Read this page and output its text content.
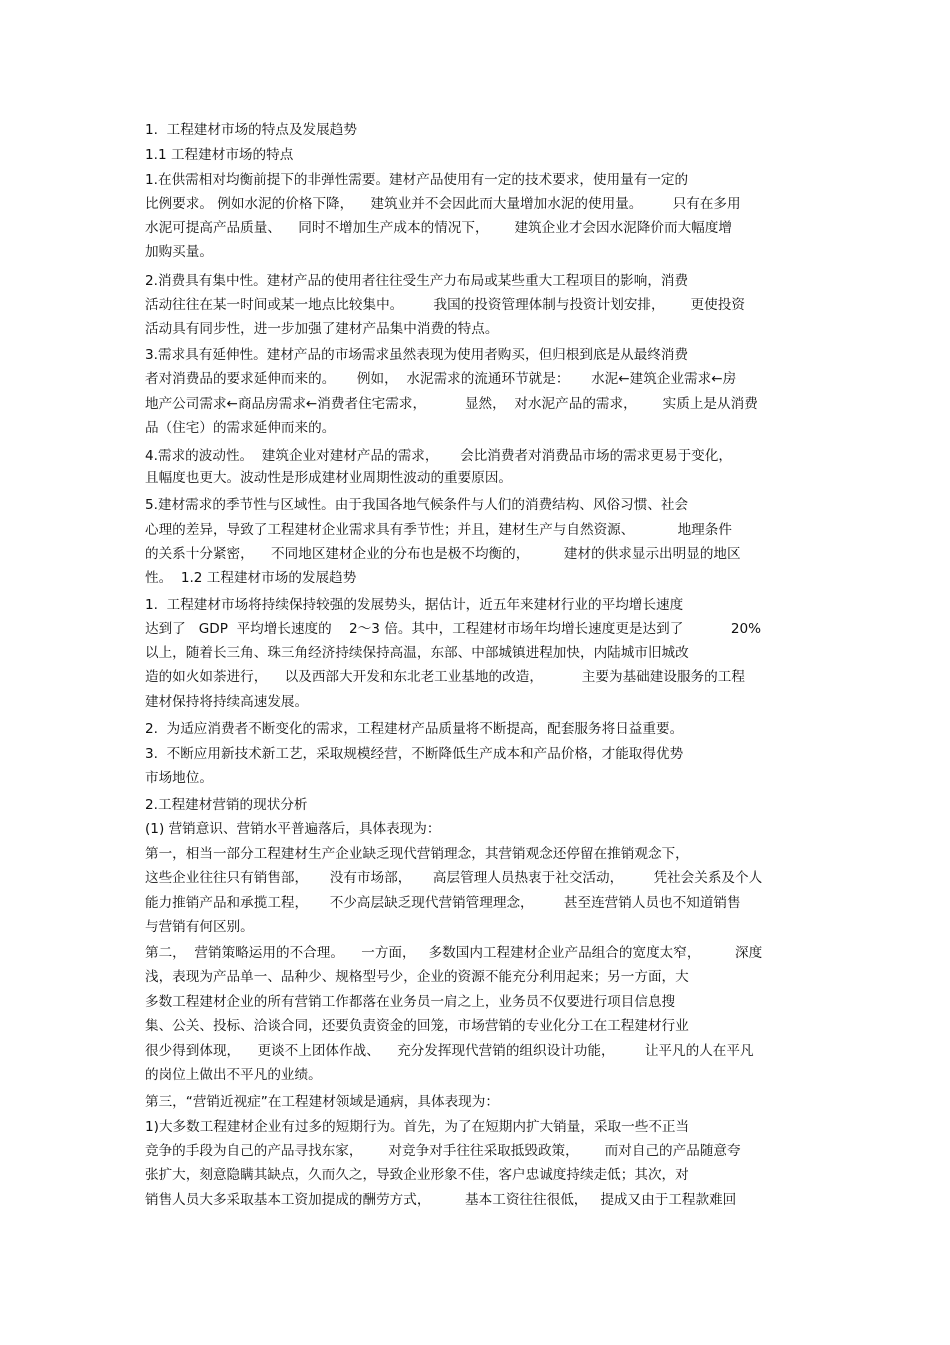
1.  工程建材市场的特点及发展趋势
1.1 工程建材市场的特点
1.在供需相对均衡前提下的非弹性需要。建材产品使用有一定的技术要求，使用量有一定的
比例要求。 例如水泥的价格下降，    建筑业并不会因此而大量增加水泥的使用量。       只有在多用
水泥可提高产品质量、    同时不增加生产成本的情况下，      建筑企业才会因水泥降价而大幅度增
加购买量。
2.消费具有集中性。建材产品的使用者往往受生产力布局或某些重大工程项目的影响，消费
活动往往在某一时间或某一地点比较集中。       我国的投资管理体制与投资计划安排，      更使投资
活动具有同步性，进一步加强了建材产品集中消费的特点。
3.需求具有延伸性。建材产品的市场需求虽然表现为使用者购买，但归根到底是从最终消费
者对消费品的要求延伸而来的。     例如，  水泥需求的流通环节就是：     水泥←建筑企业需求←房
地产公司需求←商品房需求←消费者住宅需求，         显然，  对水泥产品的需求，      实质上是从消费
品（住宅）的需求延伸而来的。
4.需求的波动性。  建筑企业对建材产品的需求，     会比消费者对消费品市场的需求更易于变化，
且幅度也更大。波动性是形成建材业周期性波动的重要原因。
5.建材需求的季节性与区域性。由于我国各地气候条件与人们的消费结构、风俗习惯、社会
心理的差异，导致了工程建材企业需求具有季节性；并且，建材生产与自然资源、          地理条件
的关系十分紧密，    不同地区建材企业的分布也是极不均衡的，        建材的供求显示出明显的地区
性。  1.2 工程建材市场的发展趋势
1.  工程建材市场将持续保持较强的发展势头，据估计，近五年来建材行业的平均增长速度
达到了   GDP  平均增长速度的    2～3 倍。其中，工程建材市场年均增长速度更是达到了           20%
以上，随着长三角、珠三角经济持续保持高温，东部、中部城镇进程加快，内陆城市旧城改
造的如火如荼进行，    以及西部大开发和东北老工业基地的改造，         主要为基础建设服务的工程
建材保持将持续高速发展。
2.  为适应消费者不断变化的需求，工程建材产品质量将不断提高，配套服务将日益重要。
3.  不断应用新技术新工艺，采取规模经营，不断降低生产成本和产品价格，才能取得优势
市场地位。
2.工程建材营销的现状分析
(1) 营销意识、营销水平普遍落后，具体表现为：
第一，相当一部分工程建材生产企业缺乏现代营销理念，其营销观念还停留在推销观念下，
这些企业往往只有销售部，     没有市场部，     高层管理人员热衷于社交活动，       凭社会关系及个人
能力推销产品和承揽工程，     不少高层缺乏现代营销管理理念，       甚至连营销人员也不知道销售
与营销有何区别。
第二，  营销策略运用的不合理。    一方面，   多数国内工程建材企业产品组合的宽度太窄，        深度
浅，表现为产品单一、品种少、规格型号少，企业的资源不能充分利用起来；另一方面，大
多数工程建材企业的所有营销工作都落在业务员一肩之上，业务员不仅要进行项目信息搜
集、公关、投标、洽谈合同，还要负责资金的回笼，市场营销的专业化分工在工程建材行业
很少得到体现，    更谈不上团体作战、    充分发挥现代营销的组织设计功能，       让平凡的人在平凡
的岗位上做出不平凡的业绩。
第三，“营销近视症”在工程建材领域是通病，具体表现为：
1)大多数工程建材企业有过多的短期行为。首先，为了在短期内扩大销量，采取一些不正当
竞争的手段为自己的产品寻找东家，      对竞争对手往往采取抵毁政策，      而对自己的产品随意夸
张扩大，刻意隐瞒其缺点，久而久之，导致企业形象不佳，客户忠诚度持续走低；其次，对
销售人员大多采取基本工资加提成的酬劳方式，        基本工资往往很低，   提成又由于工程款难回
